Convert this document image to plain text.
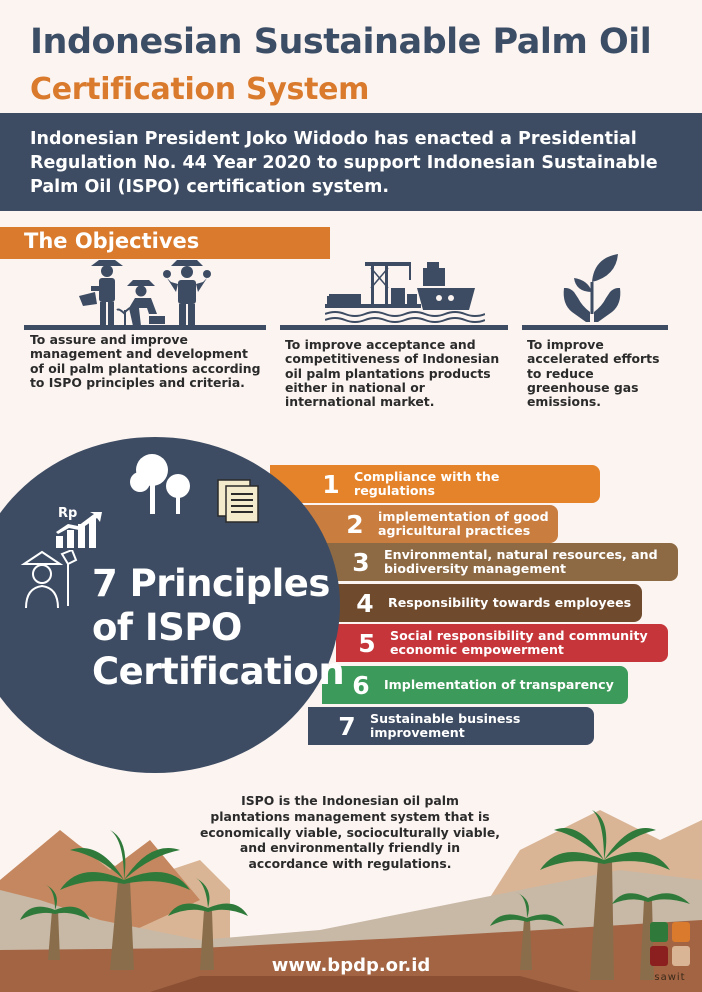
Indonesian Sustainable Palm Oil
Certification System
Indonesian President Joko Widodo has enacted a Presidential Regulation No. 44 Year 2020 to support Indonesian Sustainable Palm Oil (ISPO) certification system.
The Objectives
To assure and improve management and development of oil palm plantations according to ISPO principles and criteria.
To improve acceptance and competitiveness of Indonesian oil palm plantations products either in national or international market.
To improve accelerated efforts to reduce greenhouse gas emissions.
1	Compliance with the regulations
2	implementation of good agricultural practices
3	Environmental, natural resources, and biodiversity management
4	Responsibility towards employees
5	Social responsibility and community economic empowerment
6	Implementation of transparency
7	Sustainable business improvement
Rp
7 Principles
of ISPO
Certification
ISPO is the Indonesian oil palm plantations management system that is economically viable, socioculturally viable, and environmentally friendly in accordance with regulations.
www.bpdp.or.id
sawit
